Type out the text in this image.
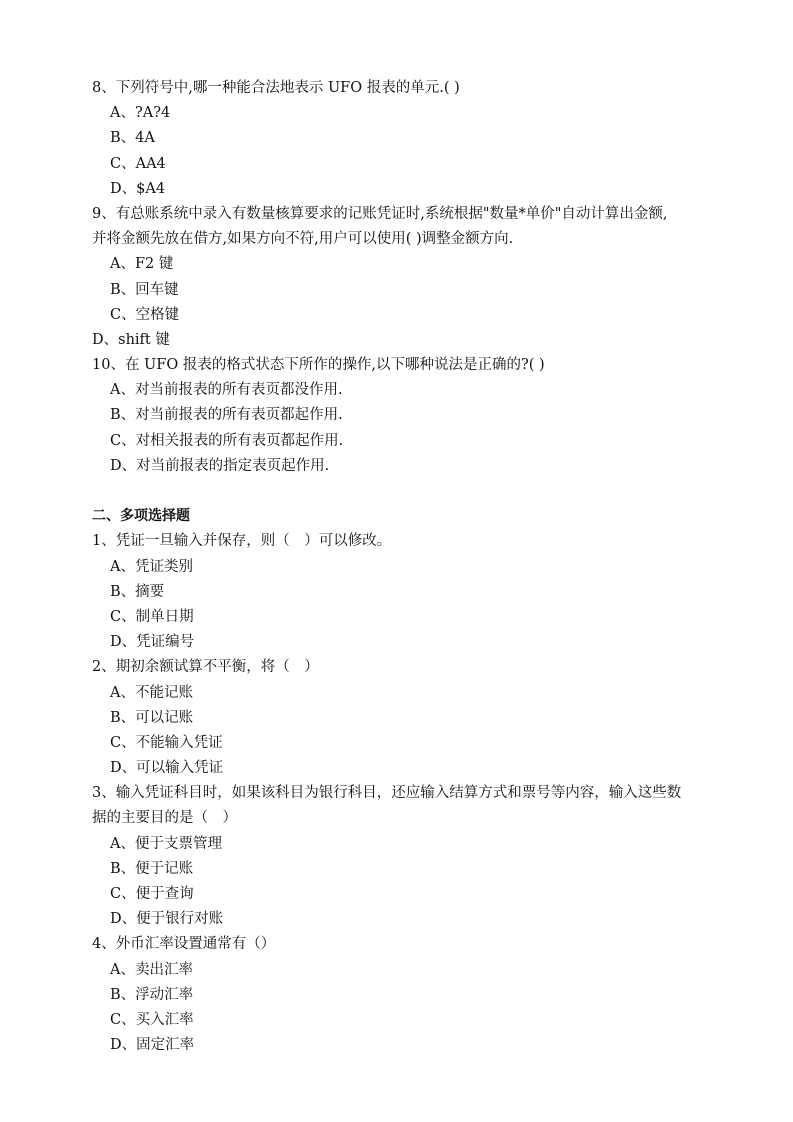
8、下列符号中,哪一种能合法地表示 UFO 报表的单元.( )
A、?A?4
B、4A
C、AA4
D、$A4
9、有总账系统中录入有数量核算要求的记账凭证时,系统根据"数量*单价"自动计算出金额,
并将金额先放在借方,如果方向不符,用户可以使用( )调整金额方向.
A、F2 键
B、回车键
C、空格键
D、shift 键
10、在 UFO 报表的格式状态下所作的操作,以下哪种说法是正确的?( )
A、对当前报表的所有表页都没作用.
B、对当前报表的所有表页都起作用.
C、对相关报表的所有表页都起作用.
D、对当前报表的指定表页起作用.
二、多项选择题
1、凭证一旦输入并保存，则（　）可以修改。
A、凭证类别
B、摘要
C、制单日期
D、凭证编号
2、期初余额试算不平衡，将（　）
A、不能记账
B、可以记账
C、不能输入凭证
D、可以输入凭证
3、输入凭证科目时，如果该科目为银行科目，还应输入结算方式和票号等内容，输入这些数
据的主要目的是（　）
A、便于支票管理
B、便于记账
C、便于查询
D、便于银行对账
4、外币汇率设置通常有（）
A、卖出汇率
B、浮动汇率
C、买入汇率
D、固定汇率
